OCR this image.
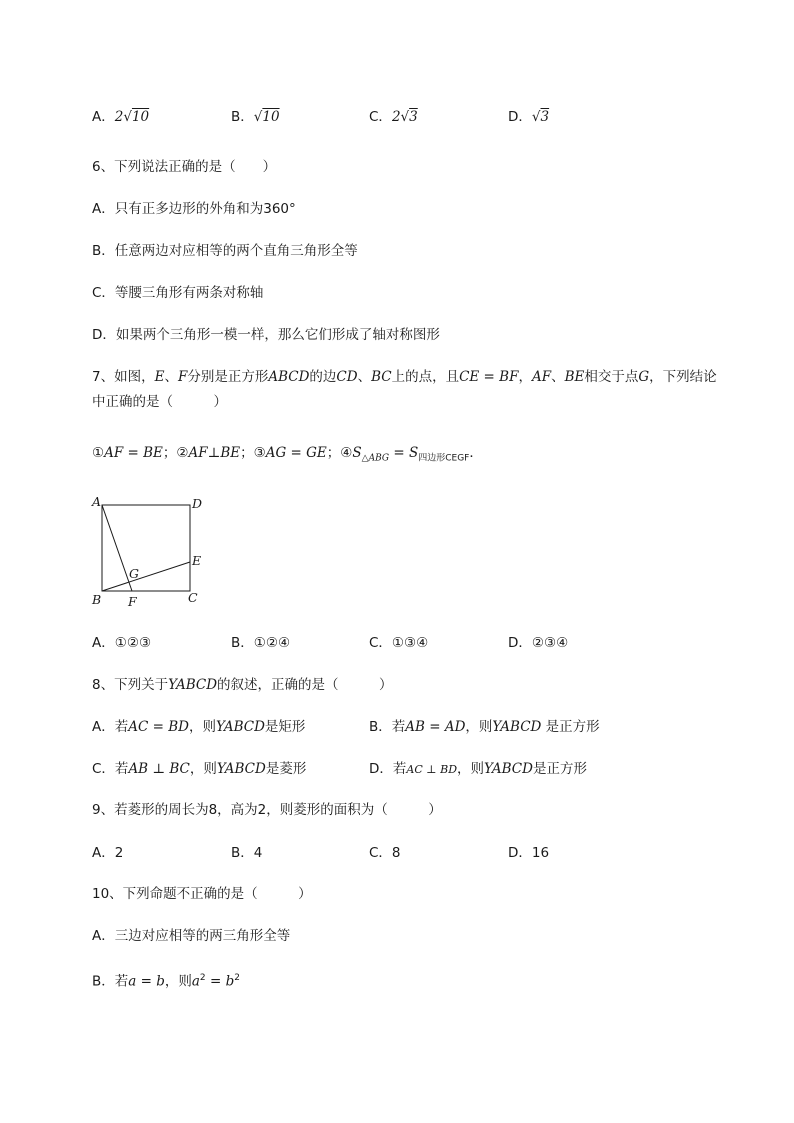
A．2√10	B．√10	C．2√3	D．√3
6、下列说法正确的是（　　）
A．只有正多边形的外角和为360°
B．任意两边对应相等的两个直角三角形全等
C．等腰三角形有两条对称轴
D．如果两个三角形一模一样，那么它们形成了轴对称图形
7、如图，E、F分别是正方形ABCD的边CD、BC上的点，且CE = BF，AF、BE相交于点G，下列结论
中正确的是（　　　）
①AF = BE；②AF⊥BE；③AG = GE；$④S_{\triangle ABG} = S_{四边形CEGF}$．
A	D
E
G
B F	C
A．①②③	B．①②④	C．①③④	D．②③④
8、下列关于YABCD的叙述，正确的是（　　　）
A．若AC = BD，则YABCD是矩形	B．若AB = AD，则YABCD 是正方形
C．若AB ⊥ BC，则YABCD是菱形	D．若AC ⊥ BD，则YABCD是正方形
9、若菱形的周长为8，高为2，则菱形的面积为（　　　）
A．2	B．4	C．8	D．16
10、下列命题不正确的是（　　　）
A．三边对应相等的两三角形全等
B．若a = b，则$a^2 = b^2$
